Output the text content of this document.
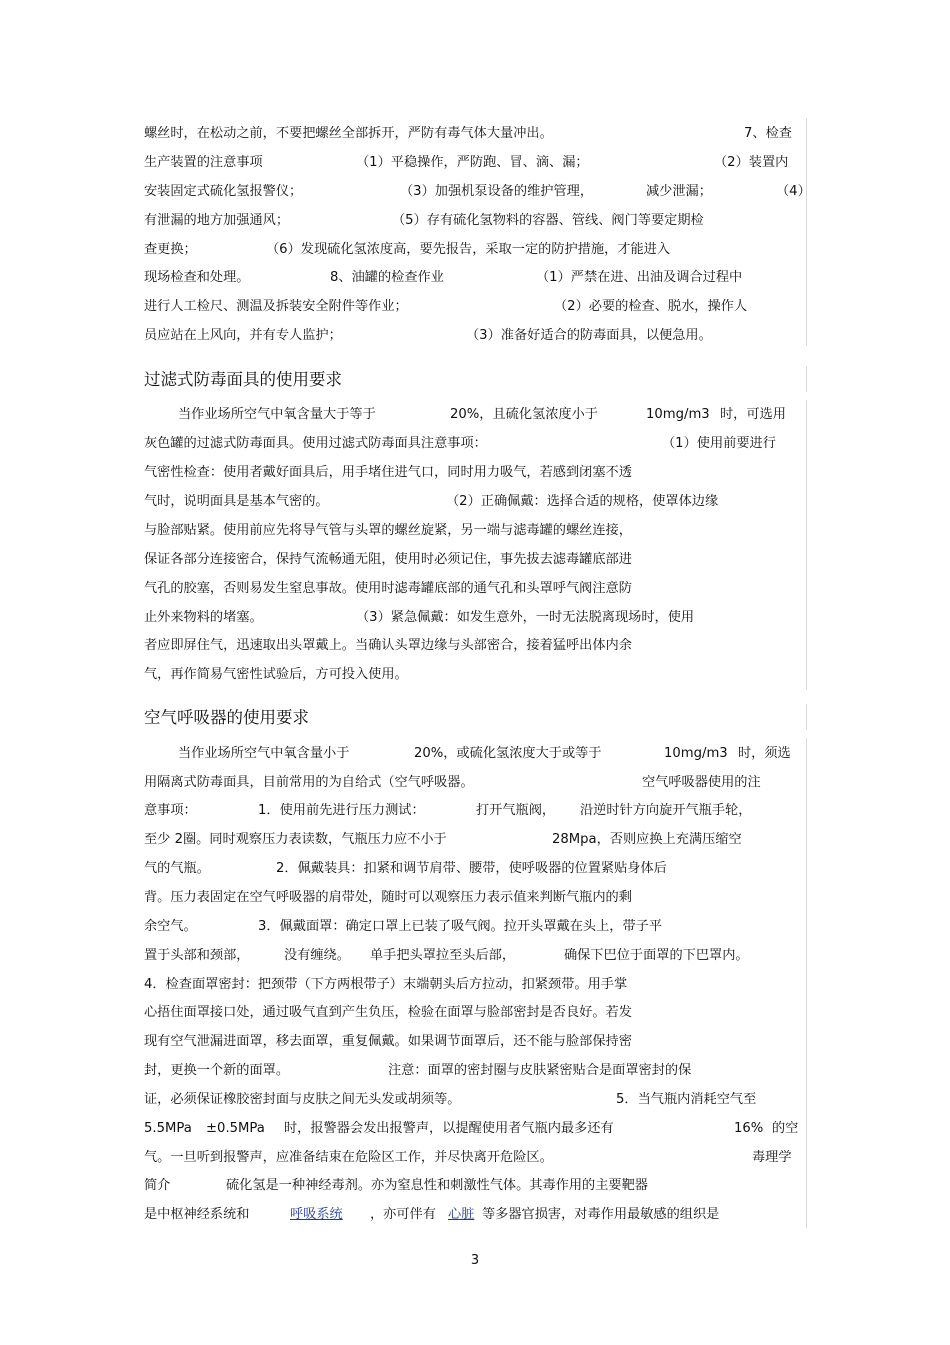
螺丝时，在松动之前，不要把螺丝全部拆开，严防有毒气体大量冲出。	7、检查
生产装置的注意事项	（1）平稳操作，严防跑、冒、滴、漏；	（2）装置内
安装固定式硫化氢报警仪；	（3）加强机泵设备的维护管理，	减少泄漏；	（4）
有泄漏的地方加强通风；	（5）存有硫化氢物料的容器、管线、阀门等要定期检
查更换；	（6）发现硫化氢浓度高，要先报告，采取一定的防护措施，才能进入
现场检查和处理。	8、油罐的检查作业	（1）严禁在进、出油及调合过程中
进行人工检尺、测温及拆装安全附件等作业；	（2）必要的检查、脱水，操作人
员应站在上风向，并有专人监护；	（3）准备好适合的防毒面具，以便急用。
过滤式防毒面具的使用要求
当作业场所空气中氧含量大于等于	20%，且硫化氢浓度小于	10mg/m3 时，可选用
灰色罐的过滤式防毒面具。使用过滤式防毒面具注意事项：	（1）使用前要进行
气密性检查：使用者戴好面具后，用手堵住进气口，同时用力吸气，若感到闭塞不透
气时，说明面具是基本气密的。	（2）正确佩戴：选择合适的规格，使罩体边缘
与脸部贴紧。使用前应先将导气管与头罩的螺丝旋紧，另一端与滤毒罐的螺丝连接，
保证各部分连接密合，保持气流畅通无阻，使用时必须记住，事先拔去滤毒罐底部进
气孔的胶塞，否则易发生窒息事故。使用时滤毒罐底部的通气孔和头罩呼气阀注意防
止外来物料的堵塞。	（3）紧急佩戴：如发生意外，一时无法脱离现场时，使用
者应即屏住气，迅速取出头罩戴上。当确认头罩边缘与头部密合，接着猛呼出体内余
气，再作简易气密性试验后，方可投入使用。
空气呼吸器的使用要求
当作业场所空气中氧含量小于	20%，或硫化氢浓度大于或等于	10mg/m3 时，须选
用隔离式防毒面具，目前常用的为自给式（空气呼吸器。	空气呼吸器使用的注
意事项：	1．使用前先进行压力测试：	打开气瓶阀， 沿逆时针方向旋开气瓶手轮，
至少 2圈。同时观察压力表读数，气瓶压力应不小于	28Mpa，否则应换上充满压缩空
气的气瓶。	2．佩戴装具：扣紧和调节肩带、腰带，使呼吸器的位置紧贴身体后
背。压力表固定在空气呼吸器的肩带处，随时可以观察压力表示值来判断气瓶内的剩
余空气。	3．佩戴面罩：确定口罩上已装了吸气阀。拉开头罩戴在头上，带子平
置于头部和颈部，	没有缠绕。 单手把头罩拉至头后部，	确保下巴位于面罩的下巴罩内。
4．检查面罩密封：把颈带（下方两根带子）末端朝头后方拉动，扣紧颈带。用手掌
心捂住面罩接口处，通过吸气直到产生负压，检验在面罩与脸部密封是否良好。若发
现有空气泄漏进面罩，移去面罩，重复佩戴。如果调节面罩后，还不能与脸部保持密
封，更换一个新的面罩。	注意：面罩的密封圈与皮肤紧密贴合是面罩密封的保
证，必须保证橡胶密封面与皮肤之间无头发或胡须等。	5．当气瓶内消耗空气至
5.5MPa	±0.5MPa 时，报警器会发出报警声，以提醒使用者气瓶内最多还有	16% 的空
气。一旦听到报警声，应准备结束在危险区工作，并尽快离开危险区。	毒理学
简介	硫化氢是一种神经毒剂。亦为窒息性和刺激性气体。其毒作用的主要靶器
是中枢神经系统和	呼吸系统 ，亦可伴有 心脏 等多器官损害，对毒作用最敏感的组织是
3
